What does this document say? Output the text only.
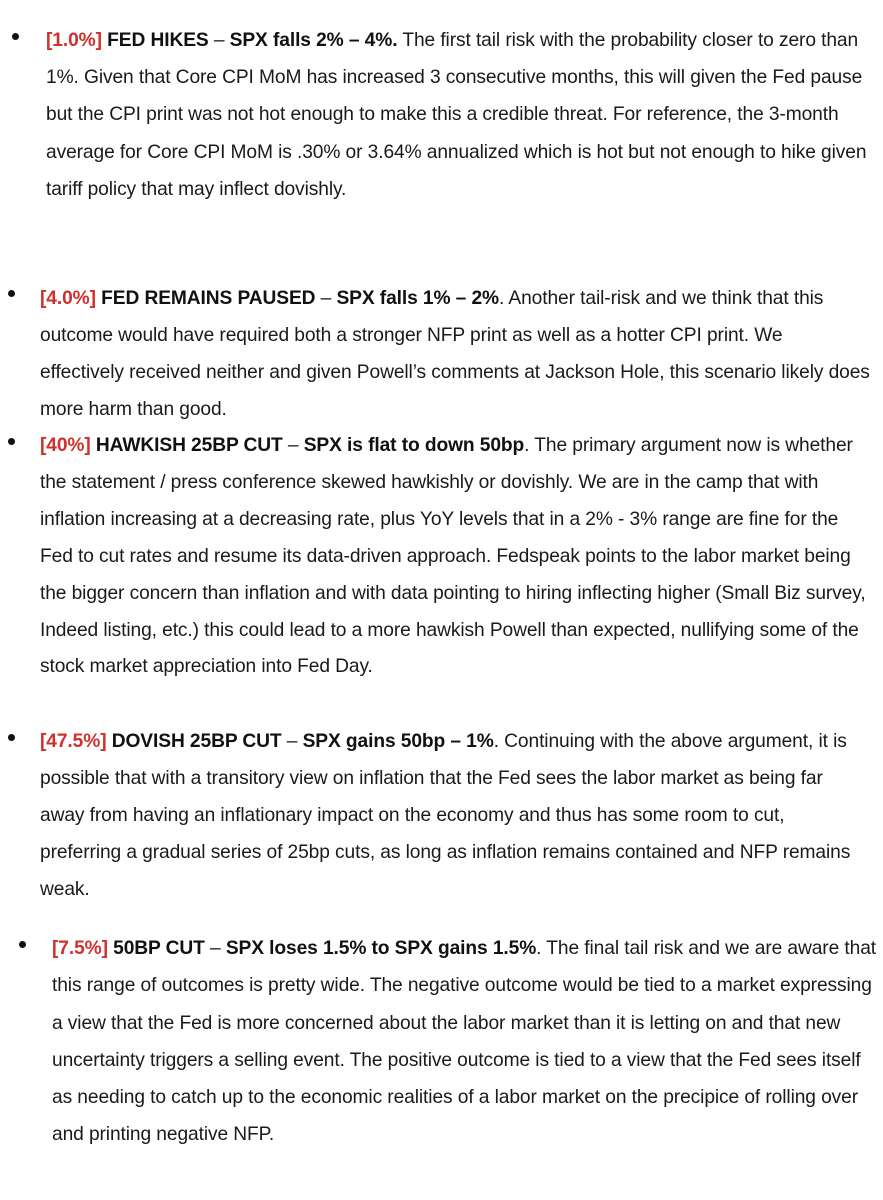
[1.0%] FED HIKES – SPX falls 2% – 4%. The first tail risk with the probability closer to zero than 1%. Given that Core CPI MoM has increased 3 consecutive months, this will given the Fed pause but the CPI print was not hot enough to make this a credible threat. For reference, the 3-month average for Core CPI MoM is .30% or 3.64% annualized which is hot but not enough to hike given tariff policy that may inflect dovishly.

[4.0%] FED REMAINS PAUSED – SPX falls 1% – 2%. Another tail-risk and we think that this outcome would have required both a stronger NFP print as well as a hotter CPI print. We effectively received neither and given Powell’s comments at Jackson Hole, this scenario likely does more harm than good.

[40%] HAWKISH 25BP CUT – SPX is flat to down 50bp. The primary argument now is whether the statement / press conference skewed hawkishly or dovishly. We are in the camp that with inflation increasing at a decreasing rate, plus YoY levels that in a 2% - 3% range are fine for the Fed to cut rates and resume its data-driven approach. Fedspeak points to the labor market being the bigger concern than inflation and with data pointing to hiring inflecting higher (Small Biz survey, Indeed listing, etc.) this could lead to a more hawkish Powell than expected, nullifying some of the stock market appreciation into Fed Day.

[47.5%] DOVISH 25BP CUT – SPX gains 50bp – 1%. Continuing with the above argument, it is possible that with a transitory view on inflation that the Fed sees the labor market as being far away from having an inflationary impact on the economy and thus has some room to cut, preferring a gradual series of 25bp cuts, as long as inflation remains contained and NFP remains weak.

[7.5%] 50BP CUT – SPX loses 1.5% to SPX gains 1.5%. The final tail risk and we are aware that this range of outcomes is pretty wide. The negative outcome would be tied to a market expressing a view that the Fed is more concerned about the labor market than it is letting on and that new uncertainty triggers a selling event. The positive outcome is tied to a view that the Fed sees itself as needing to catch up to the economic realities of a labor market on the precipice of rolling over and printing negative NFP.
